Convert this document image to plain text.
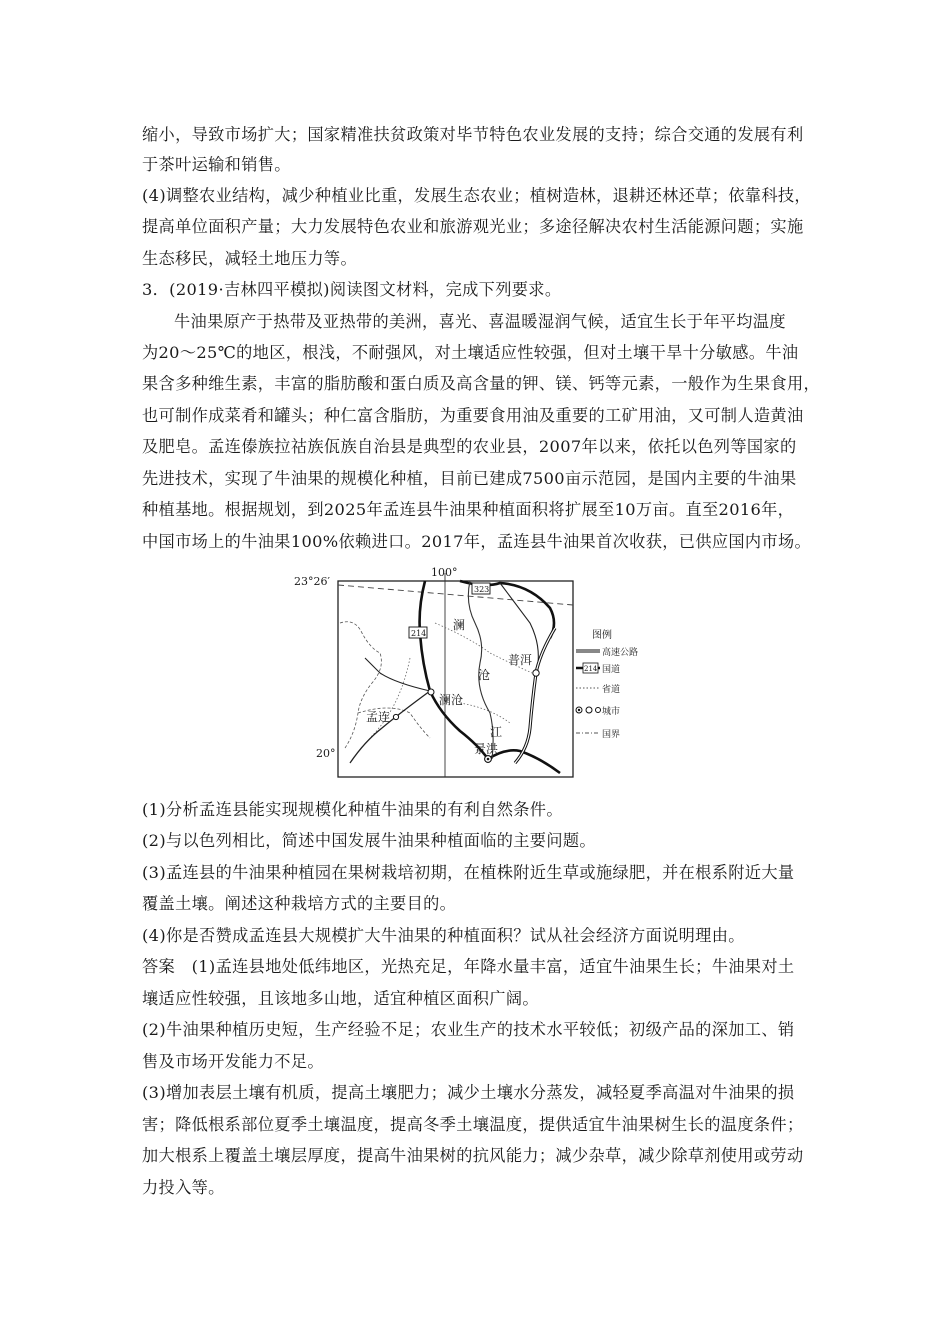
缩小，导致市场扩大；国家精准扶贫政策对毕节特色农业发展的支持；综合交通的发展有利
于茶叶运输和销售。
(4)调整农业结构，减少种植业比重，发展生态农业；植树造林，退耕还林还草；依靠科技，
提高单位面积产量；大力发展特色农业和旅游观光业；多途径解决农村生活能源问题；实施
生态移民，减轻土地压力等。
3．(2019·吉林四平模拟)阅读图文材料，完成下列要求。
牛油果原产于热带及亚热带的美洲，喜光、喜温暖湿润气候，适宜生长于年平均温度
为20～25℃的地区，根浅，不耐强风，对土壤适应性较强，但对土壤干旱十分敏感。牛油
果含多种维生素，丰富的脂肪酸和蛋白质及高含量的钾、镁、钙等元素，一般作为生果食用，
也可制作成菜肴和罐头；种仁富含脂肪，为重要食用油及重要的工矿用油，又可制人造黄油
及肥皂。孟连傣族拉祜族佤族自治县是典型的农业县，2007年以来，依托以色列等国家的
先进技术，实现了牛油果的规模化种植，目前已建成7500亩示范园，是国内主要的牛油果
种植基地。根据规划，到2025年孟连县牛油果种植面积将扩展至10万亩。直至2016年，
中国市场上的牛油果100%依赖进口。2017年，孟连县牛油果首次收获，已供应国内市场。
100°
23°26′
20°
323
214
澜
沧
江
普洱
澜沧
孟连
景洪
图例
高速公路
214 国道
省道
城市
国界
(1)分析孟连县能实现规模化种植牛油果的有利自然条件。
(2)与以色列相比，简述中国发展牛油果种植面临的主要问题。
(3)孟连县的牛油果种植园在果树栽培初期，在植株附近生草或施绿肥，并在根系附近大量
覆盖土壤。阐述这种栽培方式的主要目的。
(4)你是否赞成孟连县大规模扩大牛油果的种植面积？试从社会经济方面说明理由。
答案　(1)孟连县地处低纬地区，光热充足，年降水量丰富，适宜牛油果生长；牛油果对土
壤适应性较强，且该地多山地，适宜种植区面积广阔。
(2)牛油果种植历史短，生产经验不足；农业生产的技术水平较低；初级产品的深加工、销
售及市场开发能力不足。
(3)增加表层土壤有机质，提高土壤肥力；减少土壤水分蒸发，减轻夏季高温对牛油果的损
害；降低根系部位夏季土壤温度，提高冬季土壤温度，提供适宜牛油果树生长的温度条件；
加大根系上覆盖土壤层厚度，提高牛油果树的抗风能力；减少杂草，减少除草剂使用或劳动
力投入等。
